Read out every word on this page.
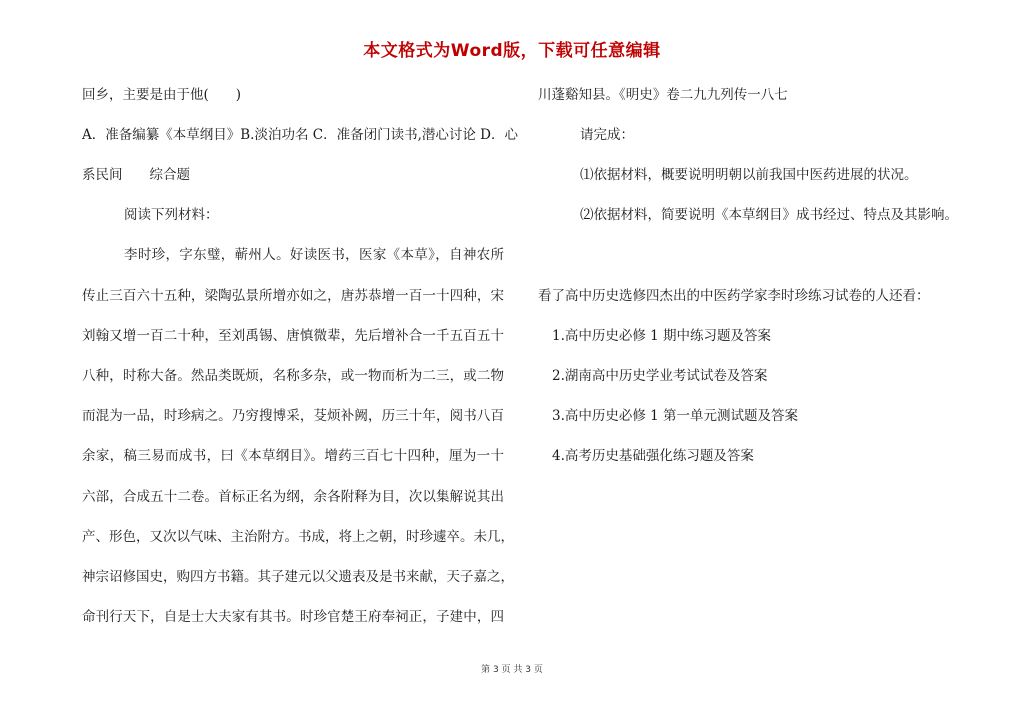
本文格式为Word版，下载可任意编辑
回乡，主要是由于他(　　)
A．准备编纂《本草纲目》B.淡泊功名 C．准备闭门读书,潜心讨论 D．心
系民间　　综合题
阅读下列材料：
李时珍，字东璧，蕲州人。好读医书，医家《本草》，自神农所
传止三百六十五种，梁陶弘景所增亦如之，唐苏恭增一百一十四种，宋
刘翰又增一百二十种，至刘禹锡、唐慎微辈，先后增补合一千五百五十
八种，时称大备。然品类既烦，名称多杂，或一物而析为二三，或二物
而混为一品，时珍病之。乃穷搜博采，芟烦补阙，历三十年，阅书八百
余家，稿三易而成书，曰《本草纲目》。增药三百七十四种，厘为一十
六部，合成五十二卷。首标正名为纲，余各附释为目，次以集解说其出
产、形色，又次以气味、主治附方。书成，将上之朝，时珍遽卒。未几，
神宗诏修国史，购四方书籍。其子建元以父遗表及是书来献，天子嘉之，
命刊行天下，自是士大夫家有其书。时珍官楚王府奉祠正，子建中，四
川蓬谿知县。《明史》卷二九九列传一八七
请完成：
⑴依据材料，概要说明明朝以前我国中医药进展的状况。
⑵依据材料，简要说明《本草纲目》成书经过、特点及其影响。
看了高中历史选修四杰出的中医药学家李时珍练习试卷的人还看：
1.高中历史必修 1 期中练习题及答案
2.湖南高中历史学业考试试卷及答案
3.高中历史必修 1 第一单元测试题及答案
4.高考历史基础强化练习题及答案
第 3 页 共 3 页
